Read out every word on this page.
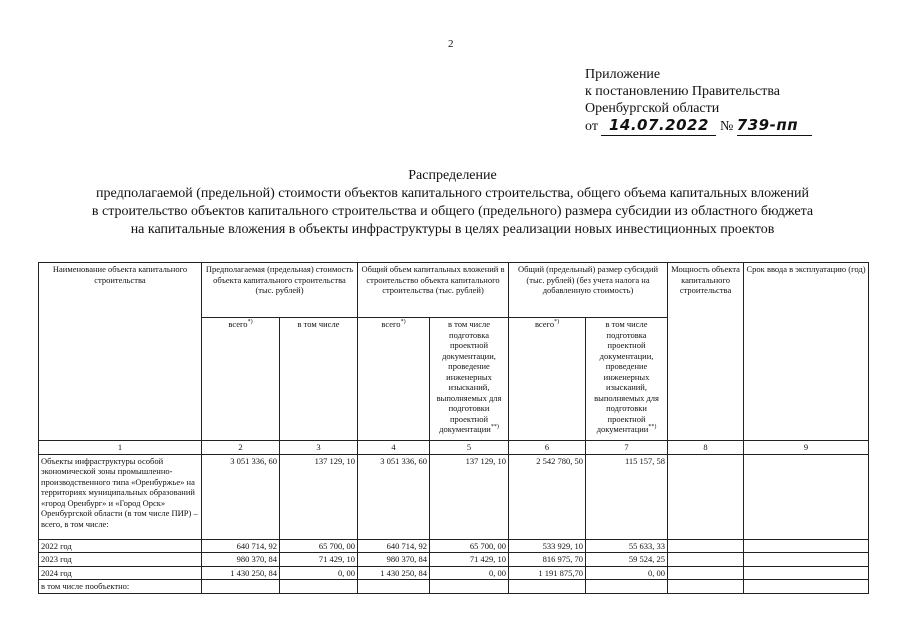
2
Приложение
к постановлению Правительства
Оренбургской области
от 14.07.2022 № 739-пп
Распределение
предполагаемой (предельной) стоимости объектов капитального строительства, общего объема капитальных вложений
в строительство объектов капитального строительства и общего (предельного) размера субсидии из областного бюджета
на капитальные вложения в объекты инфраструктуры в целях реализации новых инвестиционных проектов
Наименование объекта капитального строительства	Предполагаемая (предельная) стоимость объекта капитального строительства (тыс. рублей)		Общий объем капитальных вложений в строительство объекта капитального строительства (тыс. рублей)		Общий (предельный) размер субсидий (тыс. рублей) (без учета налога на добавленную стоимость)		Мощность объекта капитального строительства	Срок ввода в эксплуатацию (год)
	всего*)	в том числе	всего*)	в том числе подготовка проектной документации, проведение инженерных изысканий, выполняемых для подготовки проектной документации**)	всего*)	в том числе подготовка проектной документации, проведение инженерных изысканий, выполняемых для подготовки проектной документации**)		
1	2	3	4	5	6	7	8	9
Объекты инфраструктуры особой экономической зоны промышленно-производственного типа «Оренбуржье» на территориях муниципальных образований «город Оренбург» и «Город Орск» Оренбургской области (в том числе ПИР) – всего, в том числе:	3 051 336, 60	137 129, 10	3 051 336, 60	137 129, 10	2 542 780, 50	115 157, 58		
2022 год	640 714, 92	65 700, 00	640 714, 92	65 700, 00	533 929, 10	55 633, 33		
2023 год	980 370, 84	71 429, 10	980 370, 84	71 429, 10	816 975, 70	59 524, 25		
2024 год	1 430 250, 84	0, 00	1 430 250, 84	0, 00	1 191 875,70	0, 00		
в том числе пообъектно:								
